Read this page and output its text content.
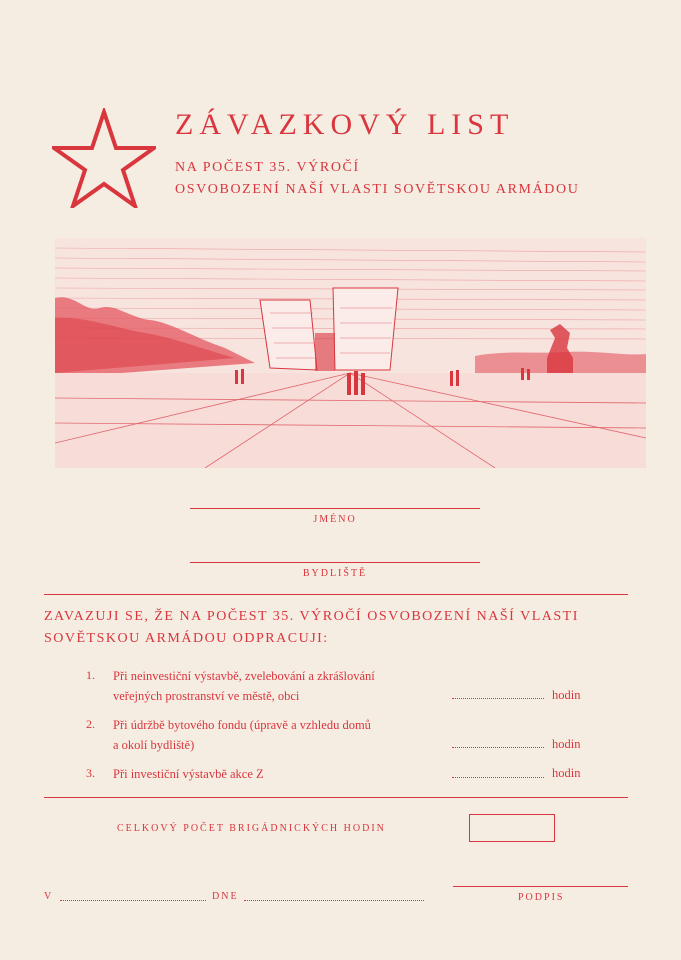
ZÁVAZKOVÝ LIST
NA POČEST 35. VÝROČÍ
OSVOBOZENÍ NAŠÍ VLASTI SOVĚTSKOU ARMÁDOU
JMÉNO
BYDLIŠTĚ
ZAVAZUJI SE, ŽE NA POČEST 35. VÝROČÍ OSVOBOZENÍ NAŠÍ VLASTI SOVĚTSKOU ARMÁDOU ODPRACUJI:
1. Při neinvestiční výstavbě, zvelebování a zkrášlování
veřejných prostranství ve městě, obci	hodin
2. Při údržbě bytového fondu (úpravě a vzhledu domů
a okolí bydliště)	hodin
3. Při investiční výstavbě akce Z	hodin
CELKOVÝ POČET BRIGÁDNICKÝCH HODIN
V	DNE	PODPIS
